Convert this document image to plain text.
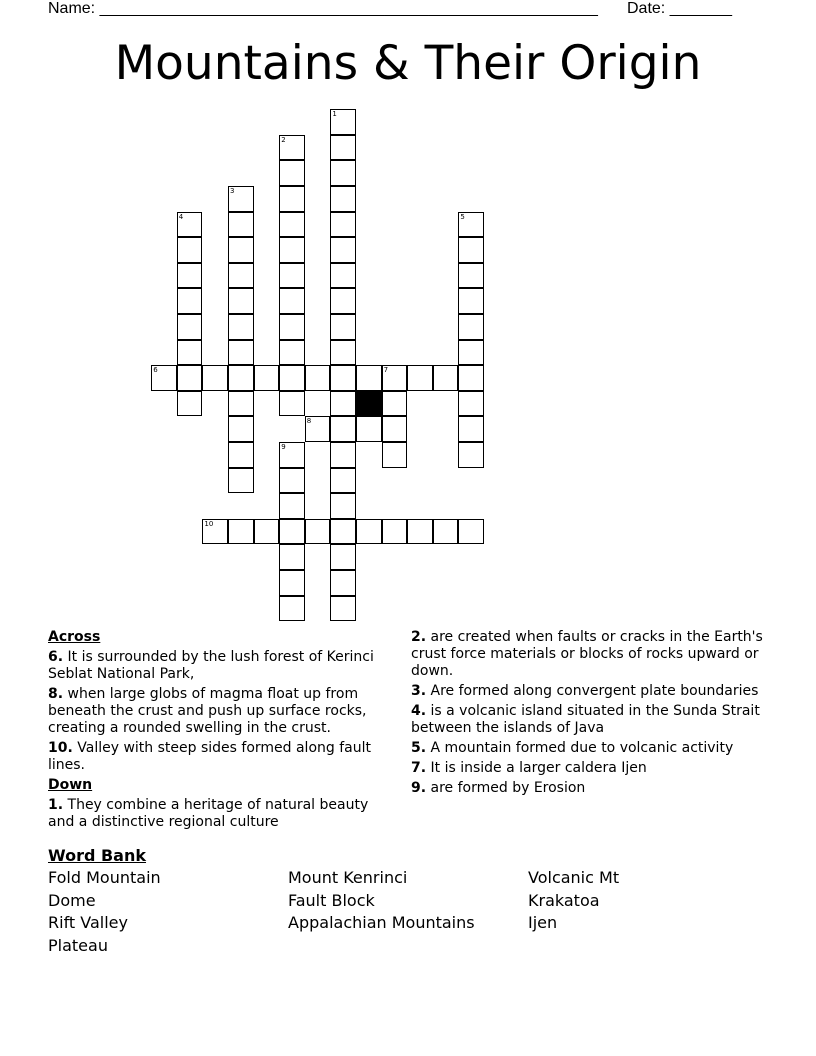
Name: ________________________________________________________ Date: _______
Mountains & Their Origin
1
2
3
4	5
6	7
8
9
10
Across
6. It is surrounded by the lush forest of Kerinci Seblat National Park,
8. when large globs of magma float up from beneath the crust and push up surface rocks, creating a rounded swelling in the crust.
10. Valley with steep sides formed along fault lines.
Down
1. They combine a heritage of natural beauty and a distinctive regional culture
2. are created when faults or cracks in the Earth's crust force materials or blocks of rocks upward or down.
3. Are formed along convergent plate boundaries
4. is a volcanic island situated in the Sunda Strait between the islands of Java
5. A mountain formed due to volcanic activity
7. It is inside a larger caldera Ijen
9. are formed by Erosion
Word Bank
Fold Mountain	Mount Kenrinci	Volcanic Mt
Dome	Fault Block	Krakatoa
Rift Valley	Appalachian Mountains	Ijen
Plateau
